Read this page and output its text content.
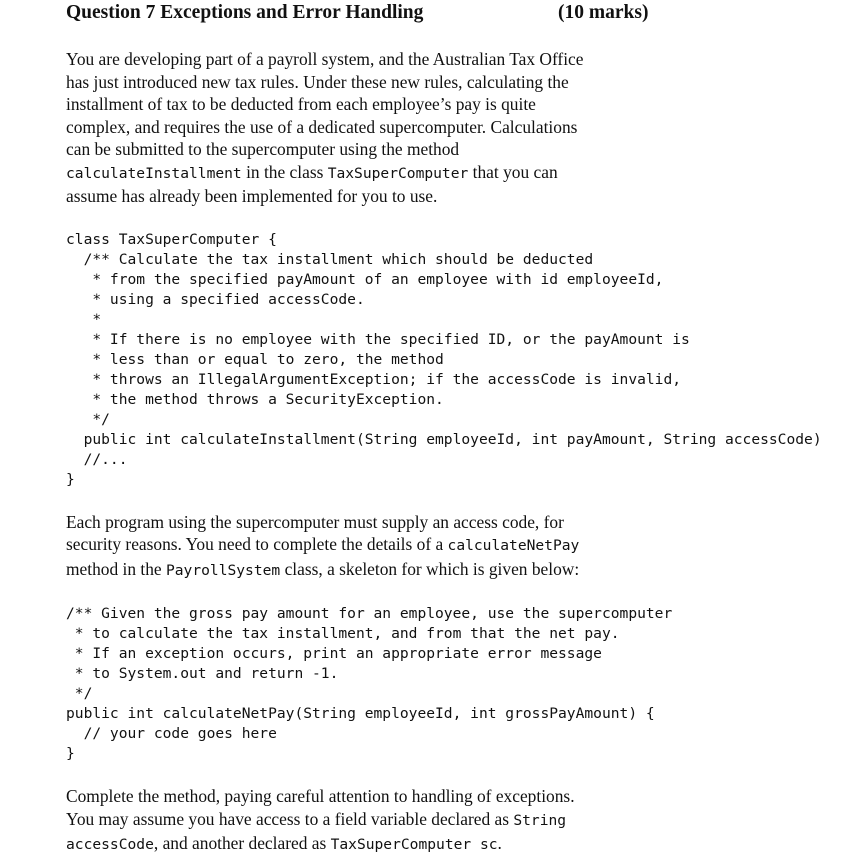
Question 7 Exceptions and Error Handling	(10 marks)

You are developing part of a payroll system, and the Australian Tax Office
has just introduced new tax rules. Under these new rules, calculating the
installment of tax to be deducted from each employee’s pay is quite
complex, and requires the use of a dedicated supercomputer. Calculations
can be submitted to the supercomputer using the method
calculateInstallment in the class TaxSuperComputer that you can
assume has already been implemented for you to use.

class TaxSuperComputer {
/** Calculate the tax installment which should be deducted
* from the specified payAmount of an employee with id employeeId,
* using a specified accessCode.
*
* If there is no employee with the specified ID, or the payAmount is
* less than or equal to zero, the method
* throws an IllegalArgumentException; if the accessCode is invalid,
* the method throws a SecurityException.
*/
public int calculateInstallment(String employeeId, int payAmount, String accessCode)
//...
}

Each program using the supercomputer must supply an access code, for
security reasons. You need to complete the details of a calculateNetPay
method in the PayrollSystem class, a skeleton for which is given below:

/** Given the gross pay amount for an employee, use the supercomputer
* to calculate the tax installment, and from that the net pay.
* If an exception occurs, print an appropriate error message
* to System.out and return -1.
*/
public int calculateNetPay(String employeeId, int grossPayAmount) {
// your code goes here
}

Complete the method, paying careful attention to handling of exceptions.
You may assume you have access to a field variable declared as String
accessCode, and another declared as TaxSuperComputer sc.
